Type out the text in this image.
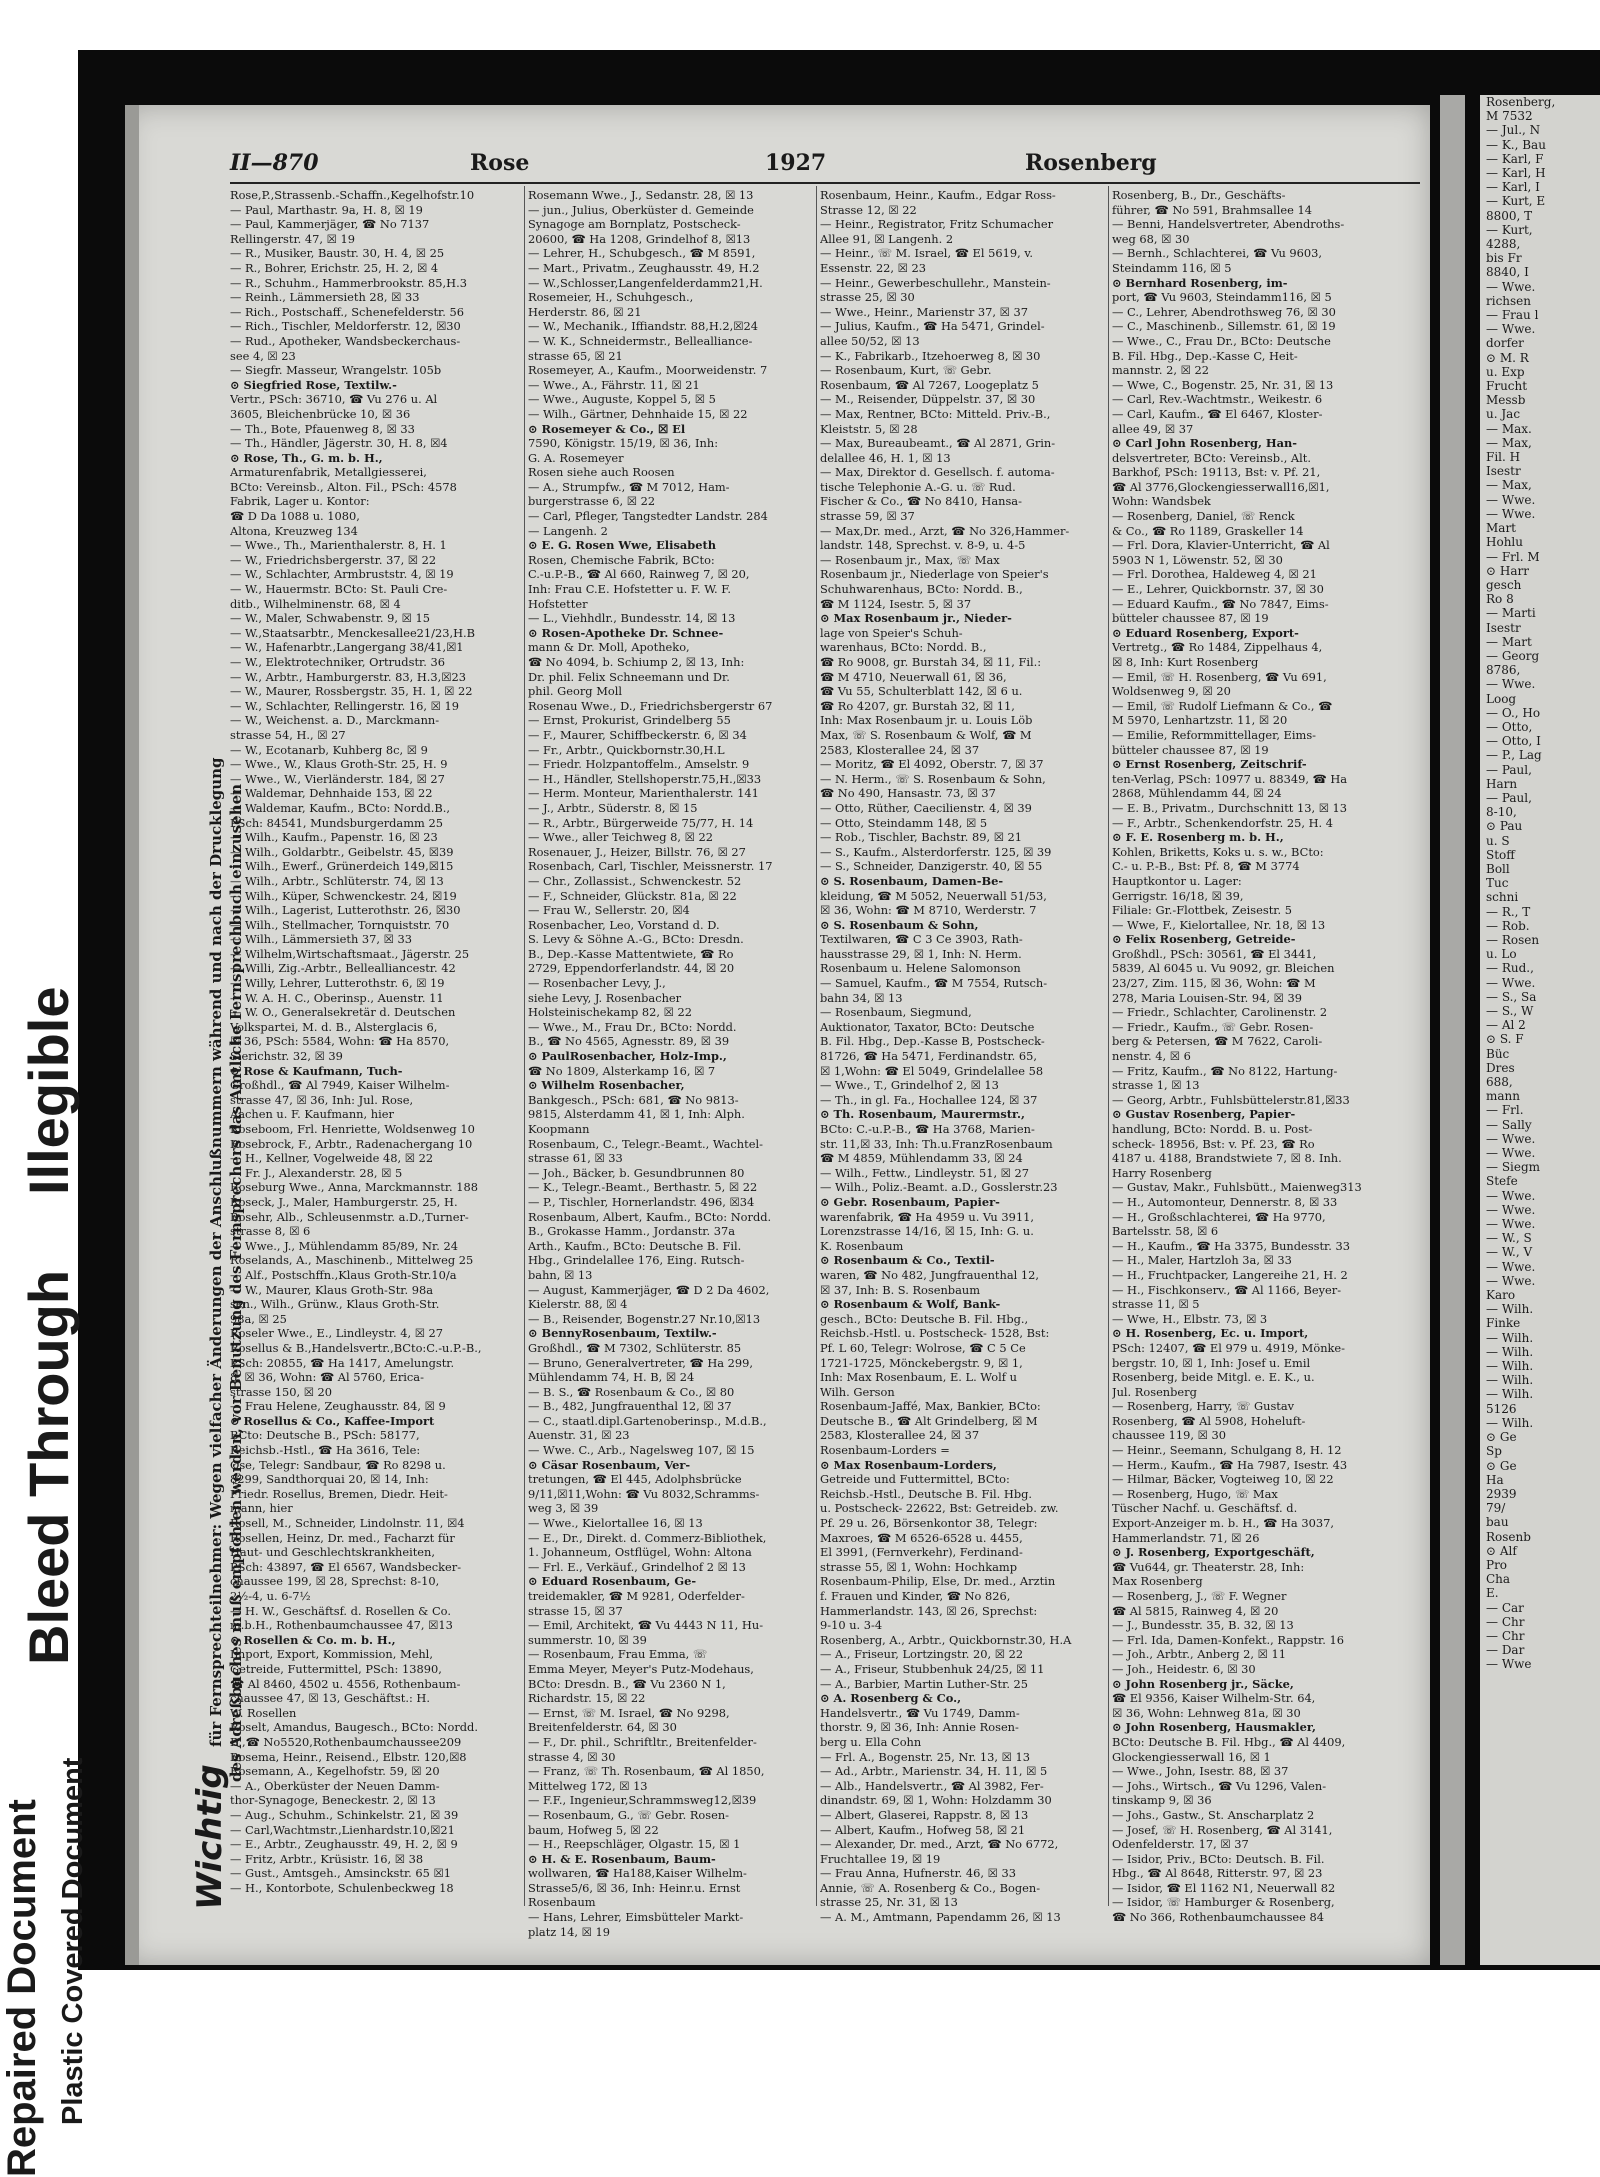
Rosenberg,
M 7532
— Jul., N
— K., Bau
— Karl, F
— Karl, H
— Karl, I
— Kurt, E
8800, T
— Kurt,
4288,
bis Fr
8840, I
— Wwe.
richsen
— Frau l
— Wwe.
dorfer
⊙ M. R
u. Exp
Frucht
Messb
u. Jac
— Max.
— Max,
Fil. H
Isestr
— Max,
— Wwe.
— Wwe.
Mart
Hohlu
— Frl. M
⊙ Harr
gesch
Ro 8
— Marti
Isestr
— Mart
— Georg
8786,
— Wwe.
Loog
— O., Ho
— Otto,
— Otto, I
— P., Lag
— Paul,
Harn
— Paul,
8-10,
⊙ Pau
u. S
Stoff
Boll
Tuc
schni
— R., T
— Rob.
— Rosen
u. Lo
— Rud.,
— Wwe.
— S., Sa
— S., W
— Al 2
⊙ S. F
Büc
Dres
688,
mann
— Frl.
— Sally
— Wwe.
— Wwe.
— Siegm
Stefe
— Wwe.
— Wwe.
— Wwe.
— W., S
— W., V
— Wwe.
— Wwe.
Karo
— Wilh.
Finke
— Wilh.
— Wilh.
— Wilh.
— Wilh.
— Wilh.
5126
— Wilh.
⊙ Ge
Sp
⊙ Ge
Ha
2939
79/
bau
Rosenb
⊙ Alf
Pro
Cha
E.
— Car
— Chr
— Chr
— Dar
— Wwe
Repaired Document Plastic Covered Document
Illegible
Bleed Through
II—870	Rose	1927	Rosenberg
Wichtig für Fernsprechteilnehmer: Wegen vielfacher Änderungen der Anschlußnummern während und nach der Drucklegung des Adreßbuches muß empfohlen werden, vor Benutzung des Fernsprechers das Amtliche Fernsprechbuch einzusehen
Rose,P.,Strassenb.-Schaffn.,Kegelhofstr.10
— Paul, Marthastr. 9a, H. 8, ☒ 19
— Paul, Kammerjäger, ☎ No 7137
Rellingerstr. 47, ☒ 19
— R., Musiker, Baustr. 30, H. 4, ☒ 25
— R., Bohrer, Erichstr. 25, H. 2, ☒ 4
— R., Schuhm., Hammerbrookstr. 85,H.3
— Reinh., Lämmersieth 28, ☒ 33
— Rich., Postschaff., Schenefelderstr. 56
— Rich., Tischler, Meldorferstr. 12, ☒30
— Rud., Apotheker, Wandsbeckerchaus-
see 4, ☒ 23
— Siegfr. Masseur, Wrangelstr. 105b
⊙ Siegfried Rose, Textilw.-
Vertr., PSch: 36710, ☎ Vu 276 u. Al
3605, Bleichenbrücke 10, ☒ 36
— Th., Bote, Pfauenweg 8, ☒ 33
— Th., Händler, Jägerstr. 30, H. 8, ☒4
⊙ Rose, Th., G. m. b. H.,
Armaturenfabrik, Metallgiesserei,
BCto: Vereinsb., Alton. Fil., PSch: 4578
Fabrik, Lager u. Kontor:
☎ D Da 1088 u. 1080,
Altona, Kreuzweg 134
— Wwe., Th., Marienthalerstr. 8, H. 1
— W., Friedrichsbergerstr. 37, ☒ 22
— W., Schlachter, Armbruststr. 4, ☒ 19
— W., Hauermstr. BCto: St. Pauli Cre-
ditb., Wilhelminenstr. 68, ☒ 4
— W., Maler, Schwabenstr. 9, ☒ 15
— W.,Staatsarbtr., Menckesallee21/23,H.B
— W., Hafenarbtr.,Langergang 38/41,☒1
— W., Elektrotechniker, Ortrudstr. 36
— W., Arbtr., Hamburgerstr. 83, H.3,☒23
— W., Maurer, Rossbergstr. 35, H. 1, ☒ 22
— W., Schlachter, Rellingerstr. 16, ☒ 19
— W., Weichenst. a. D., Marckmann-
strasse 54, H., ☒ 27
— W., Ecotanarb, Kuhberg 8c, ☒ 9
— Wwe., W., Klaus Groth-Str. 25, H. 9
— Wwe., W., Vierländerstr. 184, ☒ 27
— Waldemar, Dehnhaide 153, ☒ 22
— Waldemar, Kaufm., BCto: Nordd.B.,
PSch: 84541, Mundsburgerdamm 25
— Wilh., Kaufm., Papenstr. 16, ☒ 23
— Wilh., Goldarbtr., Geibelstr. 45, ☒39
— Wilh., Ewerf., Grünerdeich 149,☒15
— Wilh., Arbtr., Schlüterstr. 74, ☒ 13
— Wilh., Küper, Schwenckestr. 24, ☒19
— Wilh., Lagerist, Lutterothstr. 26, ☒30
— Wilh., Stellmacher, Tornquiststr. 70
— Wilh., Lämmersieth 37, ☒ 33
— Wilhelm,Wirtschaftsmaat., Jägerstr. 25
— Willi, Zig.-Arbtr., Bellealliancestr. 42
— Willy, Lehrer, Lutterothstr. 6, ☒ 19
— W. A. H. C., Oberinsp., Auenstr. 11
— W. O., Generalsekretär d. Deutschen
Volkspartei, M. d. B., Alsterglacis 6,
☒ 36, PSch: 5584, Wohn: ☎ Ha 8570,
Sierichstr. 32, ☒ 39
⊙ Rose & Kaufmann, Tuch-
Großhdl., ☎ Al 7949, Kaiser Wilhelm-
strasse 47, ☒ 36, Inh: Jul. Rose,
Aachen u. F. Kaufmann, hier
Roseboom, Frl. Henriette, Woldsenweg 10
Rosebrock, F., Arbtr., Radenachergang 10
— H., Kellner, Vogelweide 48, ☒ 22
— Fr. J., Alexanderstr. 28, ☒ 5
Roseburg Wwe., Anna, Marckmannstr. 188
Roseck, J., Maler, Hamburgerstr. 25, H.
Rosehr, Alb., Schleusenmstr. a.D.,Turner-
strasse 8, ☒ 6
— Wwe., J., Mühlendamm 85/89, Nr. 24
Roselands, A., Maschinenb., Mittelweg 25
— Alf., Postschffn.,Klaus Groth-Str.10/a
— W., Maurer, Klaus Groth-Str. 98a
sen., Wilh., Grünw., Klaus Groth-Str.
98a, ☒ 25
Roseler Wwe., E., Lindleystr. 4, ☒ 27
Rosellus & B.,Handelsvertr.,BCto:C.-u.P.-B.,
PSch: 20855, ☎ Ha 1417, Amelungstr.
8, ☒ 36, Wohn: ☎ Al 5760, Erica-
strasse 150, ☒ 20
— Frau Helene, Zeughausstr. 84, ☒ 9
⊙ Rosellus & Co., Kaffee-Import
BCto: Deutsche B., PSch: 58177,
Reichsb.-Hstl., ☎ Ha 3616, Tele:
Ose, Telegr: Sandbaur, ☎ Ro 8298 u.
8299, Sandthorquai 20, ☒ 14, Inh:
Friedr. Rosellus, Bremen, Diedr. Heit-
mann, hier
Rosell, M., Schneider, Lindolnstr. 11, ☒4
Rosellen, Heinz, Dr. med., Facharzt für
Haut- und Geschlechtskrankheiten,
PSch: 43897, ☎ El 6567, Wandsbecker-
chaussee 199, ☒ 28, Sprechst: 8-10,
2½-4, u. 6-7½
— H. W., Geschäftsf. d. Rosellen & Co.
m.b.H., Rothenbaumchaussee 47, ☒13
⊙ Rosellen & Co. m. b. H.,
Import, Export, Kommission, Mehl,
Getreide, Futtermittel, PSch: 13890,
☎ Al 8460, 4502 u. 4556, Rothenbaum-
chaussee 47, ☒ 13, Geschäftst.: H.
W. Rosellen
Roselt, Amandus, Baugesch., BCto: Nordd.
B.,☎ No5520,Rothenbaumchaussee209
Rosema, Heinr., Reisend., Elbstr. 120,☒8
Rosemann, A., Kegelhofstr. 59, ☒ 20
— A., Oberküster der Neuen Damm-
thor-Synagoge, Beneckestr. 2, ☒ 13
— Aug., Schuhm., Schinkelstr. 21, ☒ 39
— Carl,Wachtmstr.,Lienhardstr.10,☒21
— E., Arbtr., Zeughausstr. 49, H. 2, ☒ 9
— Fritz, Arbtr., Krüsistr. 16, ☒ 38
— Gust., Amtsgeh., Amsinckstr. 65 ☒1
— H., Kontorbote, Schulenbeckweg 18
Rosemann Wwe., J., Sedanstr. 28, ☒ 13
— jun., Julius, Oberküster d. Gemeinde
Synagoge am Bornplatz, Postscheck-
20600, ☎ Ha 1208, Grindelhof 8, ☒13
— Lehrer, H., Schubgesch., ☎ M 8591,
— Mart., Privatm., Zeughausstr. 49, H.2
— W.,Schlosser,Langenfelderdamm21,H.
Rosemeier, H., Schuhgesch.,
Herderstr. 86, ☒ 21
— W., Mechanik., Iffiandstr. 88,H.2,☒24
— W. K., Schneidermstr., Bellealliance-
strasse 65, ☒ 21
Rosemeyer, A., Kaufm., Moorweidenstr. 7
— Wwe., A., Fährstr. 11, ☒ 21
— Wwe., Auguste, Koppel 5, ☒ 5
— Wilh., Gärtner, Dehnhaide 15, ☒ 22
⊙ Rosemeyer & Co., ☒ El
7590, Königstr. 15/19, ☒ 36, Inh:
G. A. Rosemeyer
Rosen siehe auch Roosen
— A., Strumpfw., ☎ M 7012, Ham-
burgerstrasse 6, ☒ 22
— Carl, Pfleger, Tangstedter Landstr. 284
— Langenh. 2
⊙ E. G. Rosen Wwe, Elisabeth
Rosen, Chemische Fabrik, BCto:
C.-u.P.-B., ☎ Al 660, Rainweg 7, ☒ 20,
Inh: Frau C.E. Hofstetter u. F. W. F.
Hofstetter
— L., Viehhdlr., Bundesstr. 14, ☒ 13
⊙ Rosen-Apotheke Dr. Schnee-
mann & Dr. Moll, Apotheko,
☎ No 4094, b. Schiump 2, ☒ 13, Inh:
Dr. phil. Felix Schneemann und Dr.
phil. Georg Moll
Rosenau Wwe., D., Friedrichsbergerstr 67
— Ernst, Prokurist, Grindelberg 55
— F., Maurer, Schiffbeckerstr. 6, ☒ 34
— Fr., Arbtr., Quickbornstr.30,H.L
— Friedr. Holzpantoffelm., Amselstr. 9
— H., Händler, Stellshoperstr.75,H.,☒33
— Herm. Monteur, Marienthalerstr. 141
— J., Arbtr., Süderstr. 8, ☒ 15
— R., Arbtr., Bürgerweide 75/77, H. 14
— Wwe., aller Teichweg 8, ☒ 22
Rosenauer, J., Heizer, Billstr. 76, ☒ 27
Rosenbach, Carl, Tischler, Meissnerstr. 17
— Chr., Zollassist., Schwenckestr. 52
— F., Schneider, Glückstr. 81a, ☒ 22
— Frau W., Sellerstr. 20, ☒4
Rosenbacher, Leo, Vorstand d. D.
S. Levy & Söhne A.-G., BCto: Dresdn.
B., Dep.-Kasse Mattentwiete, ☎ Ro
2729, Eppendorferlandstr. 44, ☒ 20
— Rosenbacher Levy, J.,
siehe Levy, J. Rosenbacher
Holsteinischekamp 82, ☒ 22
— Wwe., M., Frau Dr., BCto: Nordd.
B., ☎ No 4565, Agnesstr. 89, ☒ 39
⊙ PaulRosenbacher, Holz-Imp.,
☎ No 1809, Alsterkamp 16, ☒ 7
⊙ Wilhelm Rosenbacher,
Bankgesch., PSch: 681, ☎ No 9813-
9815, Alsterdamm 41, ☒ 1, Inh: Alph.
Koopmann
Rosenbaum, C., Telegr.-Beamt., Wachtel-
strasse 61, ☒ 33
— Joh., Bäcker, b. Gesundbrunnen 80
— K., Telegr.-Beamt., Berthastr. 5, ☒ 22
— P., Tischler, Hornerlandstr. 496, ☒34
Rosenbaum, Albert, Kaufm., BCto: Nordd.
B., Grokasse Hamm., Jordanstr. 37a
Arth., Kaufm., BCto: Deutsche B. Fil.
Hbg., Grindelallee 176, Eing. Rutsch-
bahn, ☒ 13
— August, Kammerjäger, ☎ D 2 Da 4602,
Kielerstr. 88, ☒ 4
— B., Reisender, Bogenstr.27 Nr.10,☒13
⊙ BennyRosenbaum, Textilw.-
Großhdl., ☎ M 7302, Schlüterstr. 85
— Bruno, Generalvertreter, ☎ Ha 299,
Mühlendamm 74, H. B, ☒ 24
— B. S., ☎ Rosenbaum & Co., ☒ 80
— B., 482, Jungfrauenthal 12, ☒ 37
— C., staatl.dipl.Gartenoberinsp., M.d.B.,
Auenstr. 31, ☒ 23
— Wwe. C., Arb., Nagelsweg 107, ☒ 15
⊙ Cäsar Rosenbaum, Ver-
tretungen, ☎ El 445, Adolphsbrücke
9/11,☒11,Wohn: ☎ Vu 8032,Schramms-
weg 3, ☒ 39
— Wwe., Kielortallee 16, ☒ 13
— E., Dr., Direkt. d. Commerz-Bibliothek,
1. Johanneum, Ostflügel, Wohn: Altona
— Frl. E., Verkäuf., Grindelhof 2 ☒ 13
⊙ Eduard Rosenbaum, Ge-
treidemakler, ☎ M 9281, Oderfelder-
strasse 15, ☒ 37
— Emil, Architekt, ☎ Vu 4443 N 11, Hu-
summerstr. 10, ☒ 39
— Rosenbaum, Frau Emma, ☏
Emma Meyer, Meyer's Putz-Modehaus,
BCto: Dresdn. B., ☎ Vu 2360 N 1,
Richardstr. 15, ☒ 22
— Ernst, ☏ M. Israel, ☎ No 9298,
Breitenfelderstr. 64, ☒ 30
— F., Dr. phil., Schriftltr., Breitenfelder-
strasse 4, ☒ 30
— Franz, ☏ Th. Rosenbaum, ☎ Al 1850,
Mittelweg 172, ☒ 13
— F.F., Ingenieur,Schrammsweg12,☒39
— Rosenbaum, G., ☏ Gebr. Rosen-
baum, Hofweg 5, ☒ 22
— H., Reepschläger, Olgastr. 15, ☒ 1
⊙ H. & E. Rosenbaum, Baum-
wollwaren, ☎ Ha188,Kaiser Wilhelm-
Strasse5/6, ☒ 36, Inh: Heinr.u. Ernst
Rosenbaum
— Hans, Lehrer, Eimsbütteler Markt-
platz 14, ☒ 19
Rosenbaum, Heinr., Kaufm., Edgar Ross-
Strasse 12, ☒ 22
— Heinr., Registrator, Fritz Schumacher
Allee 91, ☒ Langenh. 2
— Heinr., ☏ M. Israel, ☎ El 5619, v.
Essenstr. 22, ☒ 23
— Heinr., Gewerbeschullehr., Manstein-
strasse 25, ☒ 30
— Wwe., Heinr., Marienstr 37, ☒ 37
— Julius, Kaufm., ☎ Ha 5471, Grindel-
allee 50/52, ☒ 13
— K., Fabrikarb., Itzehoerweg 8, ☒ 30
— Rosenbaum, Kurt, ☏ Gebr.
Rosenbaum, ☎ Al 7267, Loogeplatz 5
— M., Reisender, Düppelstr. 37, ☒ 30
— Max, Rentner, BCto: Mitteld. Priv.-B.,
Kleiststr. 5, ☒ 28
— Max, Bureaubeamt., ☎ Al 2871, Grin-
delallee 46, H. 1, ☒ 13
— Max, Direktor d. Gesellsch. f. automa-
tische Telephonie A.-G. u. ☏ Rud.
Fischer & Co., ☎ No 8410, Hansa-
strasse 59, ☒ 37
— Max,Dr. med., Arzt, ☎ No 326,Hammer-
landstr. 148, Sprechst. v. 8-9, u. 4-5
— Rosenbaum jr., Max, ☏ Max
Rosenbaum jr., Niederlage von Speier's
Schuhwarenhaus, BCto: Nordd. B.,
☎ M 1124, Isestr. 5, ☒ 37
⊙ Max Rosenbaum jr., Nieder-
lage von Speier's Schuh-
warenhaus, BCto: Nordd. B.,
☎ Ro 9008, gr. Burstah 34, ☒ 11, Fil.:
☎ M 4710, Neuerwall 61, ☒ 36,
☎ Vu 55, Schulterblatt 142, ☒ 6 u.
☎ Ro 4207, gr. Burstah 32, ☒ 11,
Inh: Max Rosenbaum jr. u. Louis Löb
Max, ☏ S. Rosenbaum & Wolf, ☎ M
2583, Klosterallee 24, ☒ 37
— Moritz, ☎ El 4092, Oberstr. 7, ☒ 37
— N. Herm., ☏ S. Rosenbaum & Sohn,
☎ No 490, Hansastr. 73, ☒ 37
— Otto, Rüther, Caecilienstr. 4, ☒ 39
— Otto, Steindamm 148, ☒ 5
— Rob., Tischler, Bachstr. 89, ☒ 21
— S., Kaufm., Alsterdorferstr. 125, ☒ 39
— S., Schneider, Danzigerstr. 40, ☒ 55
⊙ S. Rosenbaum, Damen-Be-
kleidung, ☎ M 5052, Neuerwall 51/53,
☒ 36, Wohn: ☎ M 8710, Werderstr. 7
⊙ S. Rosenbaum & Sohn,
Textilwaren, ☎ C 3 Ce 3903, Rath-
hausstrasse 29, ☒ 1, Inh: N. Herm.
Rosenbaum u. Helene Salomonson
— Samuel, Kaufm., ☎ M 7554, Rutsch-
bahn 34, ☒ 13
— Rosenbaum, Siegmund,
Auktionator, Taxator, BCto: Deutsche
B. Fil. Hbg., Dep.-Kasse B, Postscheck-
81726, ☎ Ha 5471, Ferdinandstr. 65,
☒ 1,Wohn: ☎ El 5049, Grindelallee 58
— Wwe., T., Grindelhof 2, ☒ 13
— Th., in gl. Fa., Hochallee 124, ☒ 37
⊙ Th. Rosenbaum, Maurermstr.,
BCto: C.-u.P.-B., ☎ Ha 3768, Marien-
str. 11,☒ 33, Inh: Th.u.FranzRosenbaum
☎ M 4859, Mühlendamm 33, ☒ 24
— Wilh., Fettw., Lindleystr. 51, ☒ 27
— Wilh., Poliz.-Beamt. a.D., Gosslerstr.23
⊙ Gebr. Rosenbaum, Papier-
warenfabrik, ☎ Ha 4959 u. Vu 3911,
Lorenzstrasse 14/16, ☒ 15, Inh: G. u.
K. Rosenbaum
⊙ Rosenbaum & Co., Textil-
waren, ☎ No 482, Jungfrauenthal 12,
☒ 37, Inh: B. S. Rosenbaum
⊙ Rosenbaum & Wolf, Bank-
gesch., BCto: Deutsche B. Fil. Hbg.,
Reichsb.-Hstl. u. Postscheck- 1528, Bst:
Pf. L 60, Telegr: Wolrose, ☎ C 5 Ce
1721-1725, Mönckebergstr. 9, ☒ 1,
Inh: Max Rosenbaum, E. L. Wolf u
Wilh. Gerson
Rosenbaum-Jaffé, Max, Bankier, BCto:
Deutsche B., ☎ Alt Grindelberg, ☒ M
2583, Klosterallee 24, ☒ 37
Rosenbaum-Lorders =
⊙ Max Rosenbaum-Lorders,
Getreide und Futtermittel, BCto:
Reichsb.-Hstl., Deutsche B. Fil. Hbg.
u. Postscheck- 22622, Bst: Getreideb. zw.
Pf. 29 u. 26, Börsenkontor 38, Telegr:
Maxroes, ☎ M 6526-6528 u. 4455,
El 3991, (Fernverkehr), Ferdinand-
strasse 55, ☒ 1, Wohn: Hochkamp
Rosenbaum-Philip, Else, Dr. med., Arztin
f. Frauen und Kinder, ☎ No 826,
Hammerlandstr. 143, ☒ 26, Sprechst:
9-10 u. 3-4
Rosenberg, A., Arbtr., Quickbornstr.30, H.A
— A., Friseur, Lortzingstr. 20, ☒ 22
— A., Friseur, Stubbenhuk 24/25, ☒ 11
— A., Barbier, Martin Luther-Str. 25
⊙ A. Rosenberg & Co.,
Handelsvertr., ☎ Vu 1749, Damm-
thorstr. 9, ☒ 36, Inh: Annie Rosen-
berg u. Ella Cohn
— Frl. A., Bogenstr. 25, Nr. 13, ☒ 13
— Ad., Arbtr., Marienstr. 34, H. 11, ☒ 5
— Alb., Handelsvertr., ☎ Al 3982, Fer-
dinandstr. 69, ☒ 1, Wohn: Holzdamm 30
— Albert, Glaserei, Rappstr. 8, ☒ 13
— Albert, Kaufm., Hofweg 58, ☒ 21
— Alexander, Dr. med., Arzt, ☎ No 6772,
Fruchtallee 19, ☒ 19
— Frau Anna, Hufnerstr. 46, ☒ 33
Annie, ☏ A. Rosenberg & Co., Bogen-
strasse 25, Nr. 31, ☒ 13
— A. M., Amtmann, Papendamm 26, ☒ 13
Rosenberg, B., Dr., Geschäfts-
führer, ☎ No 591, Brahmsallee 14
— Benni, Handelsvertreter, Abendroths-
weg 68, ☒ 30
— Bernh., Schlachterei, ☎ Vu 9603,
Steindamm 116, ☒ 5
⊙ Bernhard Rosenberg, im-
port, ☎ Vu 9603, Steindamm116, ☒ 5
— C., Lehrer, Abendrothsweg 76, ☒ 30
— C., Maschinenb., Sillemstr. 61, ☒ 19
— Wwe., C., Frau Dr., BCto: Deutsche
B. Fil. Hbg., Dep.-Kasse C, Heit-
mannstr. 2, ☒ 22
— Wwe, C., Bogenstr. 25, Nr. 31, ☒ 13
— Carl, Rev.-Wachtmstr., Weikestr. 6
— Carl, Kaufm., ☎ El 6467, Kloster-
allee 49, ☒ 37
⊙ Carl John Rosenberg, Han-
delsvertreter, BCto: Vereinsb., Alt.
Barkhof, PSch: 19113, Bst: v. Pf. 21,
☎ Al 3776,Glockengiesserwall16,☒1,
Wohn: Wandsbek
— Rosenberg, Daniel, ☏ Renck
& Co., ☎ Ro 1189, Graskeller 14
— Frl. Dora, Klavier-Unterricht, ☎ Al
5903 N 1, Löwenstr. 52, ☒ 30
— Frl. Dorothea, Haldeweg 4, ☒ 21
— E., Lehrer, Quickbornstr. 37, ☒ 30
— Eduard Kaufm., ☎ No 7847, Eims-
bütteler chaussee 87, ☒ 19
⊙ Eduard Rosenberg, Export-
Vertretg., ☎ Ro 1484, Zippelhaus 4,
☒ 8, Inh: Kurt Rosenberg
— Emil, ☏ H. Rosenberg, ☎ Vu 691,
Woldsenweg 9, ☒ 20
— Emil, ☏ Rudolf Liefmann & Co., ☎
M 5970, Lenhartzstr. 11, ☒ 20
— Emilie, Reformmittellager, Eims-
bütteler chaussee 87, ☒ 19
⊙ Ernst Rosenberg, Zeitschrif-
ten-Verlag, PSch: 10977 u. 88349, ☎ Ha
2868, Mühlendamm 44, ☒ 24
— E. B., Privatm., Durchschnitt 13, ☒ 13
— F., Arbtr., Schenkendorfstr. 25, H. 4
⊙ F. E. Rosenberg m. b. H.,
Kohlen, Briketts, Koks u. s. w., BCto:
C.- u. P.-B., Bst: Pf. 8, ☎ M 3774
Hauptkontor u. Lager:
Gerrigstr. 16/18, ☒ 39,
Filiale: Gr.-Flottbek, Zeisestr. 5
— Wwe, F., Kielortallee, Nr. 18, ☒ 13
⊙ Felix Rosenberg, Getreide-
Großhdl., PSch: 30561, ☎ El 3441,
5839, Al 6045 u. Vu 9092, gr. Bleichen
23/27, Zim. 115, ☒ 36, Wohn: ☎ M
278, Maria Louisen-Str. 94, ☒ 39
— Friedr., Schlachter, Carolinenstr. 2
— Friedr., Kaufm., ☏ Gebr. Rosen-
berg & Petersen, ☎ M 7622, Caroli-
nenstr. 4, ☒ 6
— Fritz, Kaufm., ☎ No 8122, Hartung-
strasse 1, ☒ 13
— Georg, Arbtr., Fuhlsbüttelerstr.81,☒33
⊙ Gustav Rosenberg, Papier-
handlung, BCto: Nordd. B. u. Post-
scheck- 18956, Bst: v. Pf. 23, ☎ Ro
4187 u. 4188, Brandstwiete 7, ☒ 8. Inh.
Harry Rosenberg
— Gustav, Makr., Fuhlsbütt., Maienweg313
— H., Automonteur, Dennerstr. 8, ☒ 33
— H., Großschlachterei, ☎ Ha 9770,
Bartelsstr. 58, ☒ 6
— H., Kaufm., ☎ Ha 3375, Bundesstr. 33
— H., Maler, Hartzloh 3a, ☒ 33
— H., Fruchtpacker, Langereihe 21, H. 2
— H., Fischkonserv., ☎ Al 1166, Beyer-
strasse 11, ☒ 5
— Wwe, H., Elbstr. 73, ☒ 3
⊙ H. Rosenberg, Ec. u. Import,
PSch: 12407, ☎ El 979 u. 4919, Mönke-
bergstr. 10, ☒ 1, Inh: Josef u. Emil
Rosenberg, beide Mitgl. e. E. K., u.
Jul. Rosenberg
— Rosenberg, Harry, ☏ Gustav
Rosenberg, ☎ Al 5908, Hoheluft-
chaussee 119, ☒ 30
— Heinr., Seemann, Schulgang 8, H. 12
— Herm., Kaufm., ☎ Ha 7987, Isestr. 43
— Hilmar, Bäcker, Vogteiweg 10, ☒ 22
— Rosenberg, Hugo, ☏ Max
Tüscher Nachf. u. Geschäftsf. d.
Export-Anzeiger m. b. H., ☎ Ha 3037,
Hammerlandstr. 71, ☒ 26
⊙ J. Rosenberg, Exportgeschäft,
☎ Vu644, gr. Theaterstr. 28, Inh:
Max Rosenberg
— Rosenberg, J., ☏ F. Wegner
☎ Al 5815, Rainweg 4, ☒ 20
— J., Bundesstr. 35, B. 32, ☒ 13
— Frl. Ida, Damen-Konfekt., Rappstr. 16
— Joh., Arbtr., Anberg 2, ☒ 11
— Joh., Heidestr. 6, ☒ 30
⊙ John Rosenberg jr., Säcke,
☎ El 9356, Kaiser Wilhelm-Str. 64,
☒ 36, Wohn: Lehnweg 81a, ☒ 30
⊙ John Rosenberg, Hausmakler,
BCto: Deutsche B. Fil. Hbg., ☎ Al 4409,
Glockengiesserwall 16, ☒ 1
— Wwe., John, Isestr. 88, ☒ 37
— Johs., Wirtsch., ☎ Vu 1296, Valen-
tinskamp 9, ☒ 36
— Johs., Gastw., St. Anscharplatz 2
— Josef, ☏ H. Rosenberg, ☎ Al 3141,
Odenfelderstr. 17, ☒ 37
— Isidor, Priv., BCto: Deutsch. B. Fil.
Hbg., ☎ Al 8648, Ritterstr. 97, ☒ 23
— Isidor, ☎ El 1162 N1, Neuerwall 82
— Isidor, ☏ Hamburger & Rosenberg,
☎ No 366, Rothenbaumchaussee 84
